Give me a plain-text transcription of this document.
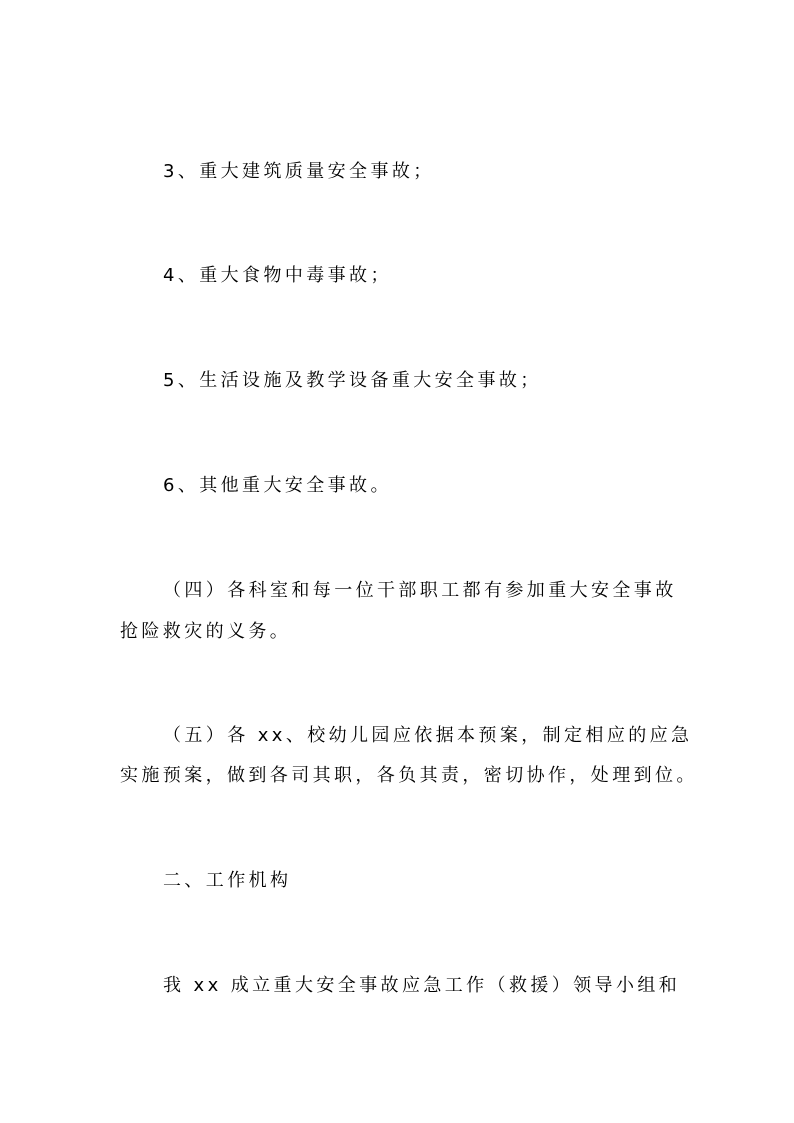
3、重大建筑质量安全事故；
4、重大食物中毒事故；
5、生活设施及教学设备重大安全事故；
6、其他重大安全事故。
（四）各科室和每一位干部职工都有参加重大安全事故
抢险救灾的义务。
（五）各 xx、校幼儿园应依据本预案，制定相应的应急
实施预案，做到各司其职，各负其责，密切协作，处理到位。
二、工作机构
我 xx 成立重大安全事故应急工作（救援）领导小组和
